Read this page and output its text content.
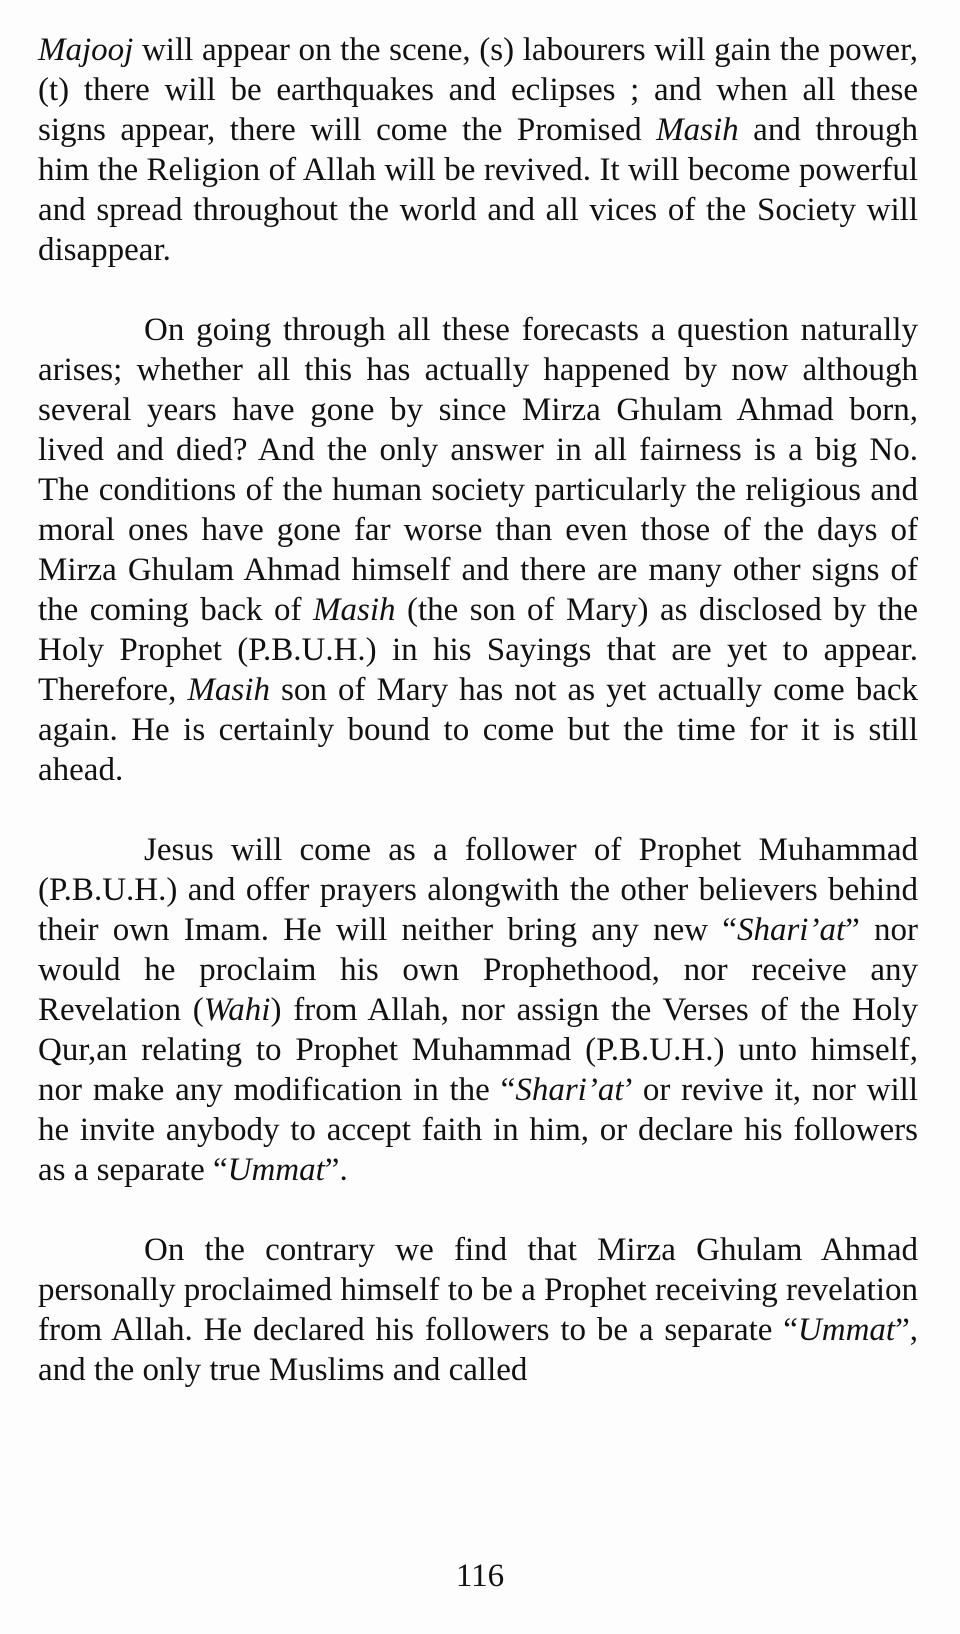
Majooj will appear on the scene, (s) labourers will gain the power, (t) there will be earthquakes and eclipses ; and when all these signs appear, there will come the Promised Masih and through him the Religion of Allah will be revived. It will become powerful and spread throughout the world and all vices of the Society will disappear.

On going through all these forecasts a question naturally arises; whether all this has actually happened by now although several years have gone by since Mirza Ghulam Ahmad born, lived and died? And the only answer in all fairness is a big No. The conditions of the human society particularly the religious and moral ones have gone far worse than even those of the days of Mirza Ghulam Ahmad himself and there are many other signs of the coming back of Masih (the son of Mary) as disclosed by the Holy Prophet (P.B.U.H.) in his Sayings that are yet to appear. Therefore, Masih son of Mary has not as yet actually come back again. He is certainly bound to come but the time for it is still ahead.

Jesus will come as a follower of Prophet Muhammad (P.B.U.H.) and offer prayers alongwith the other believers behind their own Imam. He will neither bring any new “Shari’at” nor would he proclaim his own Prophethood, nor receive any Revelation (Wahi) from Allah, nor assign the Verses of the Holy Qur,an relating to Prophet Muhammad (P.B.U.H.) unto himself, nor make any modification in the “Shari’at’ or revive it, nor will he invite anybody to accept faith in him, or declare his followers as a separate “Ummat”.

On the contrary we find that Mirza Ghulam Ahmad personally proclaimed himself to be a Prophet receiving revelation from Allah. He declared his followers to be a separate “Ummat”, and the only true Muslims and called

116
